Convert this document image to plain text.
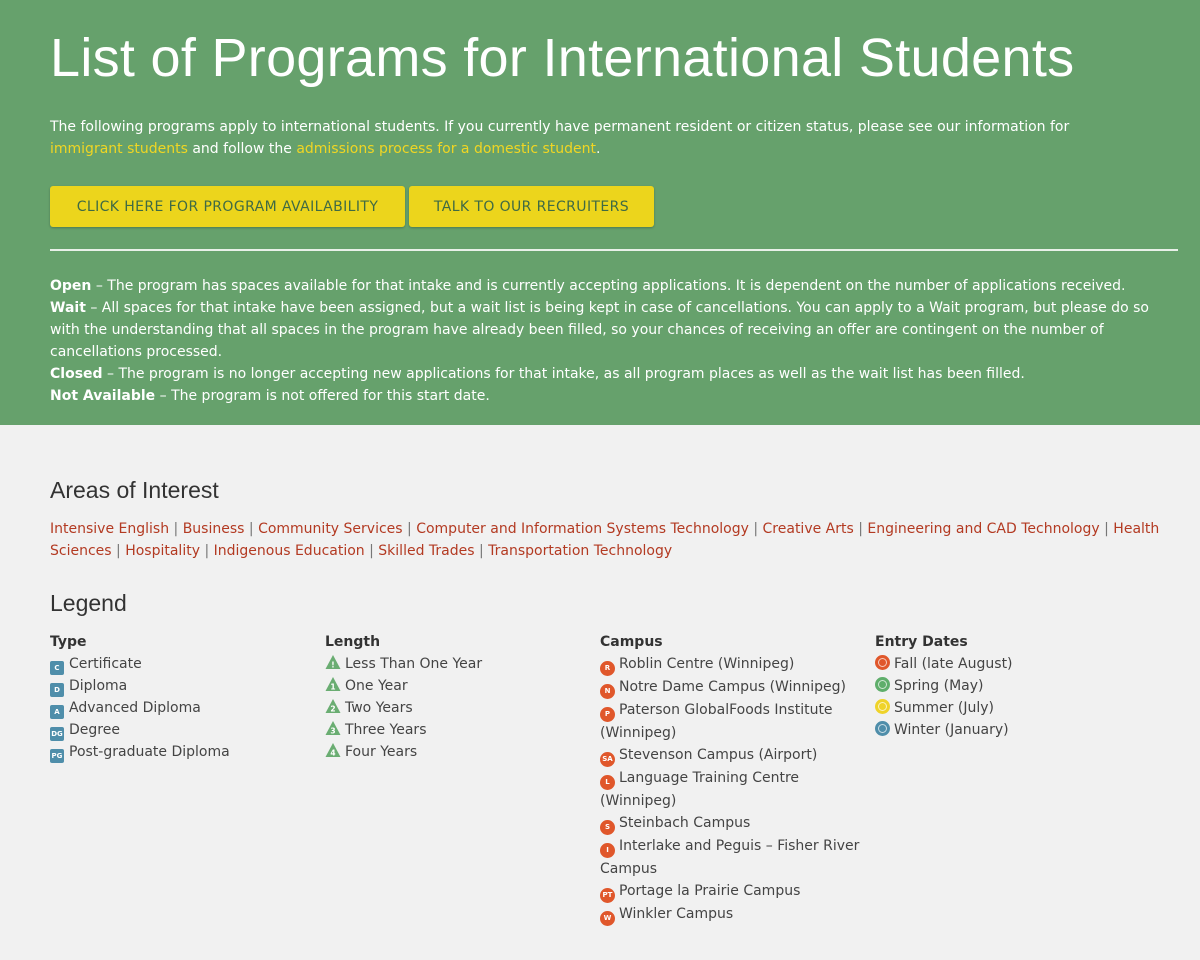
List of Programs for International Students

The following programs apply to international students. If you currently have permanent resident or citizen status, please see our information for immigrant students and follow the admissions process for a domestic student.

CLICK HERE FOR PROGRAM AVAILABILITY	TALK TO OUR RECRUITERS
Open – The program has spaces available for that intake and is currently accepting applications. It is dependent on the number of applications received.
Wait – All spaces for that intake have been assigned, but a wait list is being kept in case of cancellations. You can apply to a Wait program, but please do so with the understanding that all spaces in the program have already been filled, so your chances of receiving an offer are contingent on the number of cancellations processed.
Closed – The program is no longer accepting new applications for that intake, as all program places as well as the wait list has been filled.
Not Available – The program is not offered for this start date.
Areas of Interest
Intensive English | Business | Community Services | Computer and Information Systems Technology | Creative Arts | Engineering and CAD Technology | Health Sciences | Hospitality | Indigenous Education | Skilled Trades | Transportation Technology
Legend
Type
C Certificate
D Diploma
A Advanced Diploma
DG Degree
PG Post-graduate Diploma
Length
! Less Than One Year
1 One Year
2 Two Years
3 Three Years
4 Four Years
Campus
R Roblin Centre (Winnipeg)
N Notre Dame Campus (Winnipeg)
P Paterson GlobalFoods Institute (Winnipeg)
SA Stevenson Campus (Airport)
L Language Training Centre (Winnipeg)
S Steinbach Campus
I Interlake and Peguis – Fisher River Campus
PT Portage la Prairie Campus
W Winkler Campus
Entry Dates
Fall (late August)
Spring (May)
Summer (July)
Winter (January)
